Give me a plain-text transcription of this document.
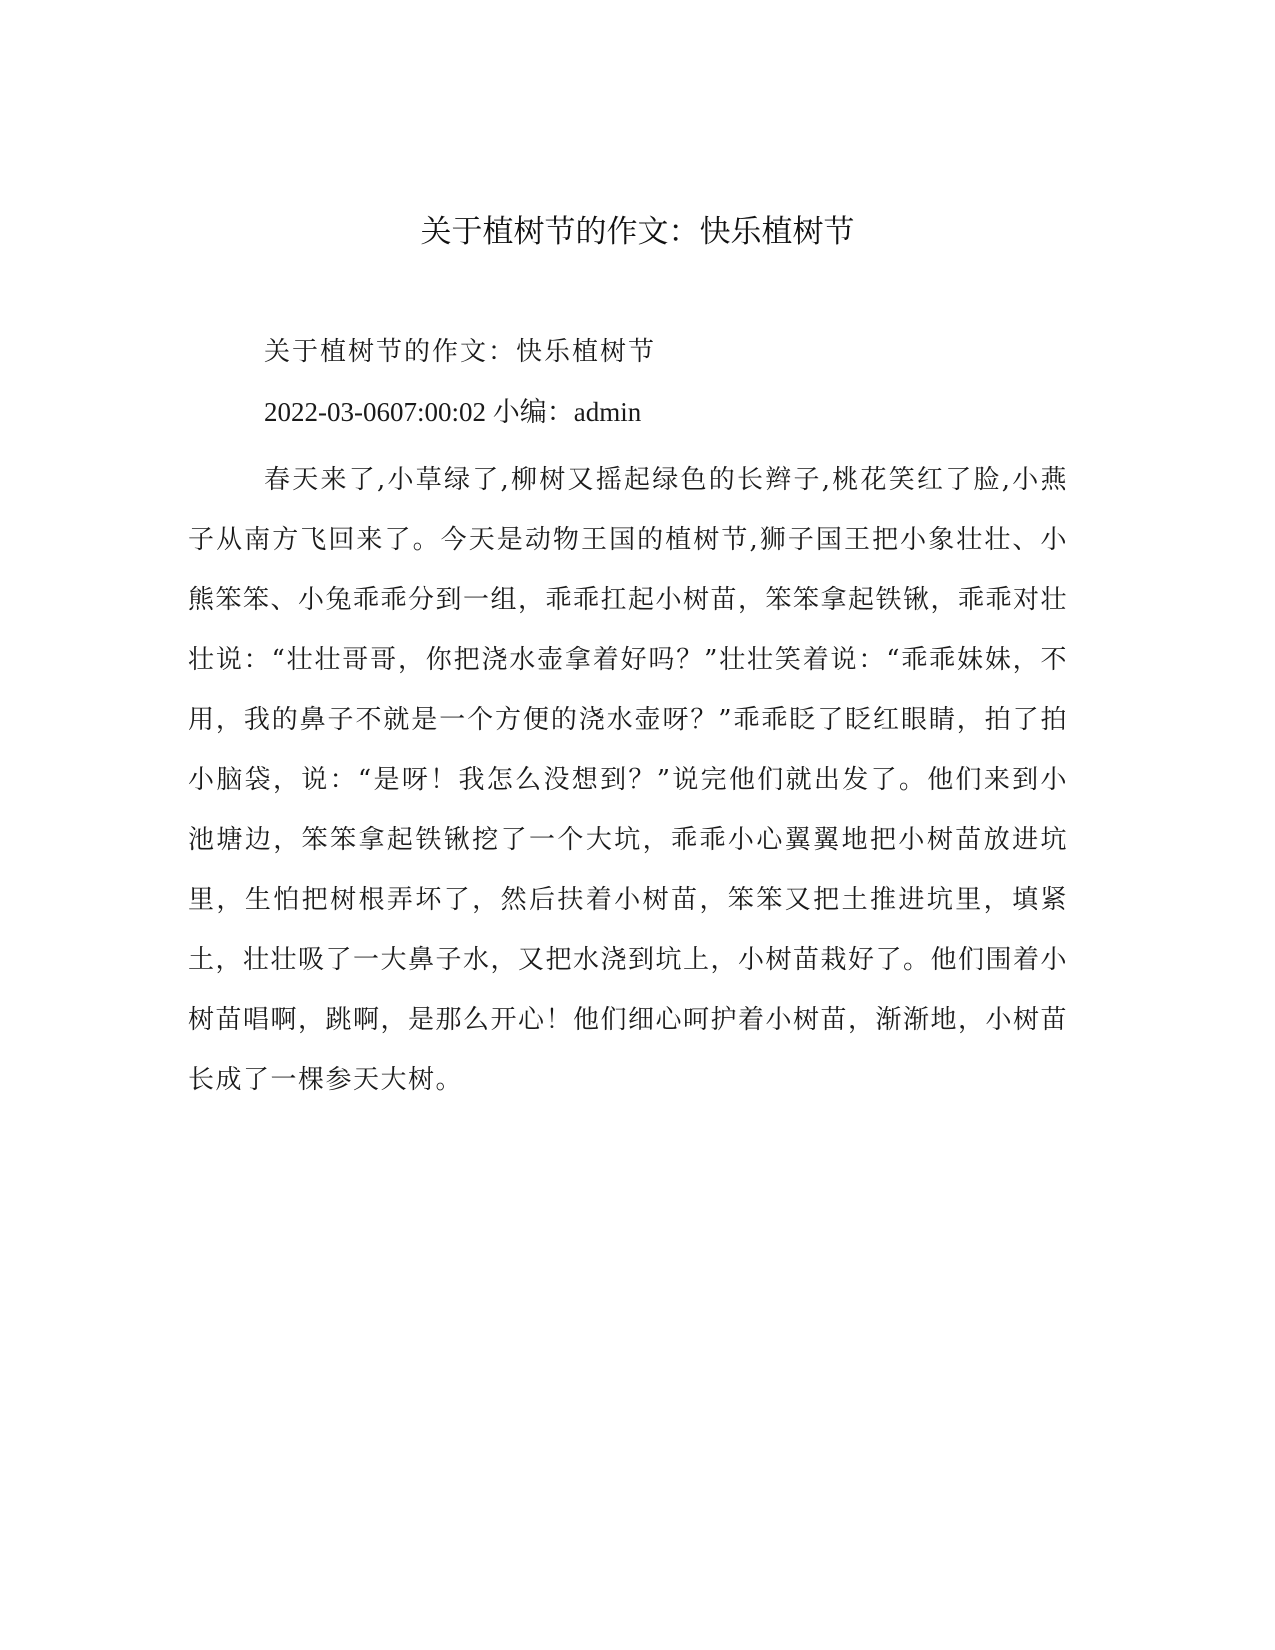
关于植树节的作文：快乐植树节

关于植树节的作文：快乐植树节

2022-03-0607:00:02 小编：admin

春天来了,小草绿了,柳树又摇起绿色的长辫子,桃花笑红了脸,小燕子从南方飞回来了。今天是动物王国的植树节,狮子国王把小象壮壮、小熊笨笨、小兔乖乖分到一组，乖乖扛起小树苗，笨笨拿起铁锹，乖乖对壮壮说：“壮壮哥哥，你把浇水壶拿着好吗？”壮壮笑着说：“乖乖妹妹，不用，我的鼻子不就是一个方便的浇水壶呀？”乖乖眨了眨红眼睛，拍了拍小脑袋，说：“是呀！我怎么没想到？”说完他们就出发了。他们来到小池塘边，笨笨拿起铁锹挖了一个大坑，乖乖小心翼翼地把小树苗放进坑里，生怕把树根弄坏了，然后扶着小树苗，笨笨又把土推进坑里，填紧土，壮壮吸了一大鼻子水，又把水浇到坑上，小树苗栽好了。他们围着小树苗唱啊，跳啊，是那么开心！他们细心呵护着小树苗，渐渐地，小树苗长成了一棵参天大树。
